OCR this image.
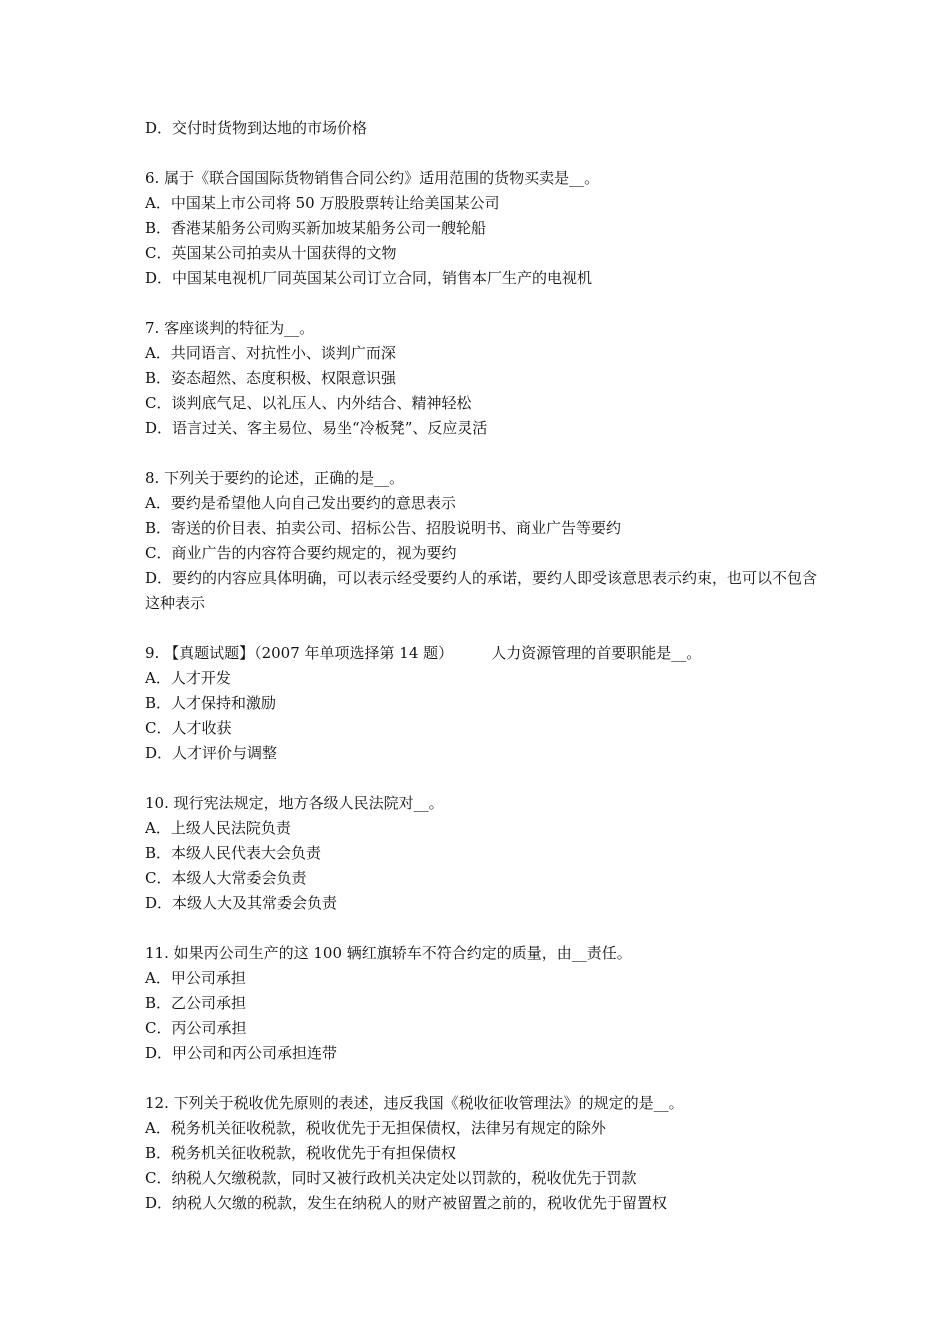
D．交付时货物到达地的市场价格
6. 属于《联合国国际货物销售合同公约》适用范围的货物买卖是__。
A．中国某上市公司将 50 万股股票转让给美国某公司
B．香港某船务公司购买新加坡某船务公司一艘轮船
C．英国某公司拍卖从十国获得的文物
D．中国某电视机厂同英国某公司订立合同，销售本厂生产的电视机
7. 客座谈判的特征为__。
A．共同语言、对抗性小、谈判广而深
B．姿态超然、态度积极、权限意识强
C．谈判底气足、以礼压人、内外结合、精神轻松
D．语言过关、客主易位、易坐“冷板凳”、反应灵活
8. 下列关于要约的论述，正确的是__。
A．要约是希望他人向自己发出要约的意思表示
B．寄送的价目表、拍卖公司、招标公告、招股说明书、商业广告等要约
C．商业广告的内容符合要约规定的，视为要约
D．要约的内容应具体明确，可以表示经受要约人的承诺，要约人即受该意思表示约束，也可以不包含这种表示
9. 【真题试题】（2007 年单项选择第 14 题）        人力资源管理的首要职能是__。
A．人才开发
B．人才保持和激励
C．人才收获
D．人才评价与调整
10. 现行宪法规定，地方各级人民法院对__。
A．上级人民法院负责
B．本级人民代表大会负责
C．本级人大常委会负责
D．本级人大及其常委会负责
11. 如果丙公司生产的这 100 辆红旗轿车不符合约定的质量，由__责任。
A．甲公司承担
B．乙公司承担
C．丙公司承担
D．甲公司和丙公司承担连带
12. 下列关于税收优先原则的表述，违反我国《税收征收管理法》的规定的是__。
A．税务机关征收税款，税收优先于无担保债权，法律另有规定的除外
B．税务机关征收税款，税收优先于有担保债权
C．纳税人欠缴税款，同时又被行政机关决定处以罚款的，税收优先于罚款
D．纳税人欠缴的税款，发生在纳税人的财产被留置之前的，税收优先于留置权
